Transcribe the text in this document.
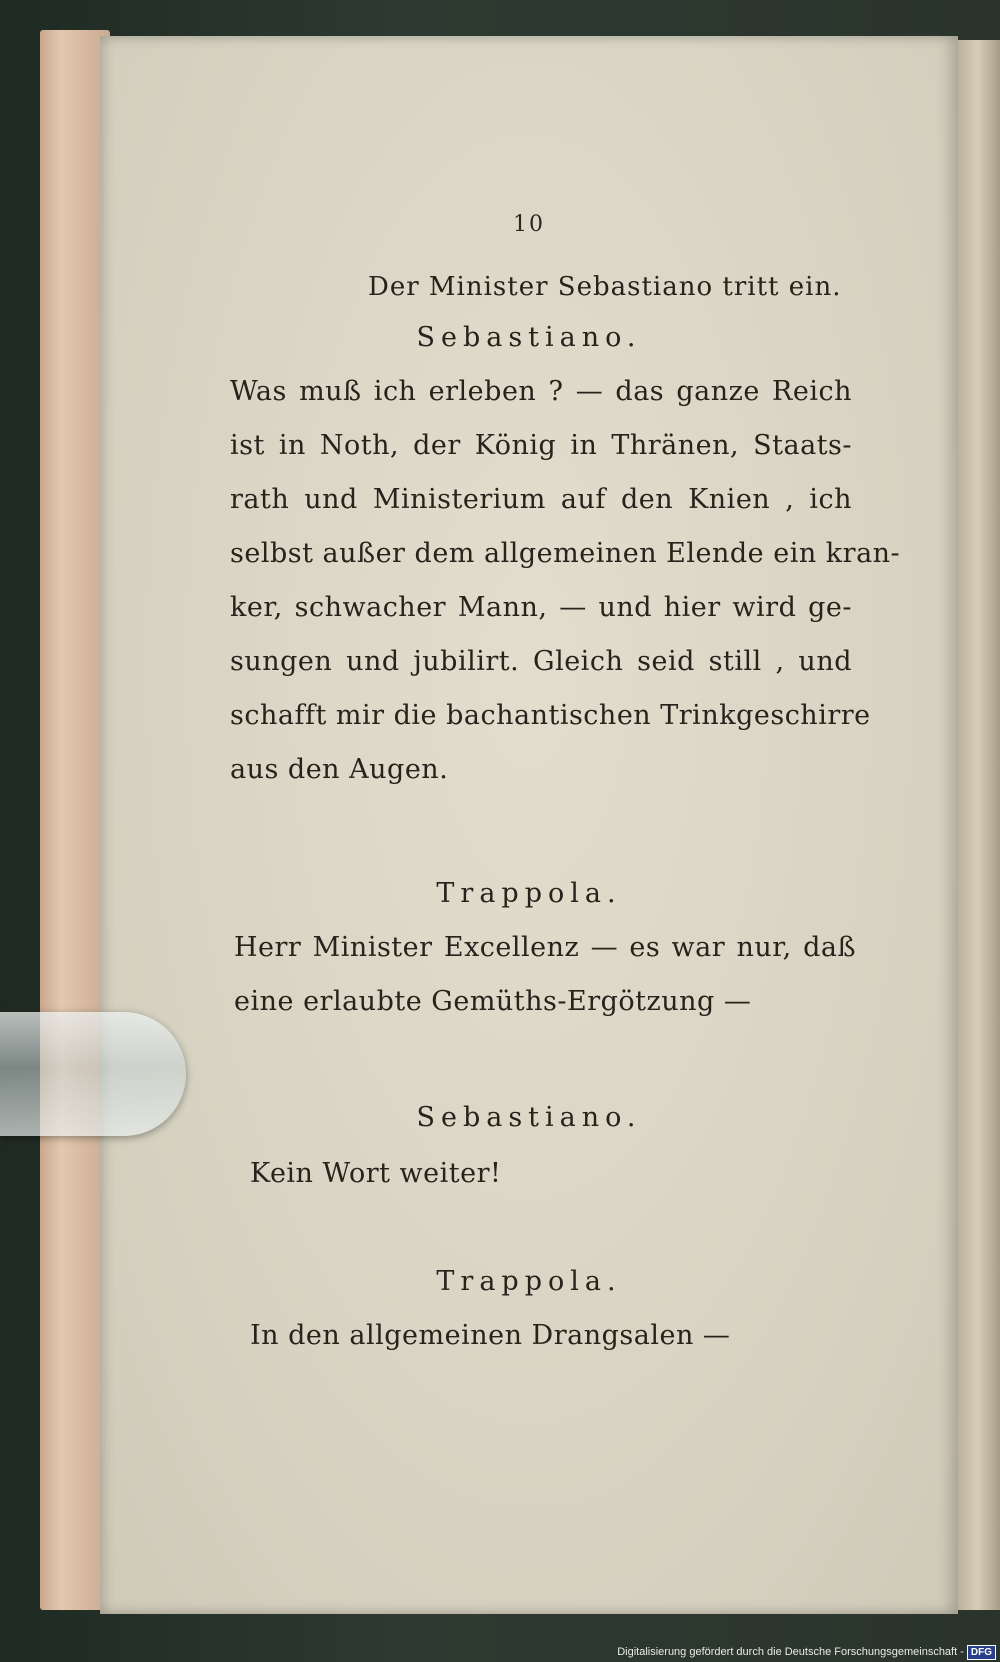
10
Der Minister Sebastiano tritt ein.
Sebastiano.
Was muß ich erleben ? — das ganze Reich
ist in Noth, der König in Thränen, Staats-
rath und Ministerium auf den Knien , ich
selbst außer dem allgemeinen Elende ein kran-
ker, schwacher Mann, — und hier wird ge-
sungen und jubilirt. Gleich seid still , und
schafft mir die bachantischen Trinkgeschirre
aus den Augen.
Trappola.
Herr Minister Excellenz — es war nur, daß
eine erlaubte Gemüths-Ergötzung —
Sebastiano.
Kein Wort weiter!
Trappola.
In den allgemeinen Drangsalen —
Digitalisierung gefördert durch die Deutsche Forschungsgemeinschaft - DFG
